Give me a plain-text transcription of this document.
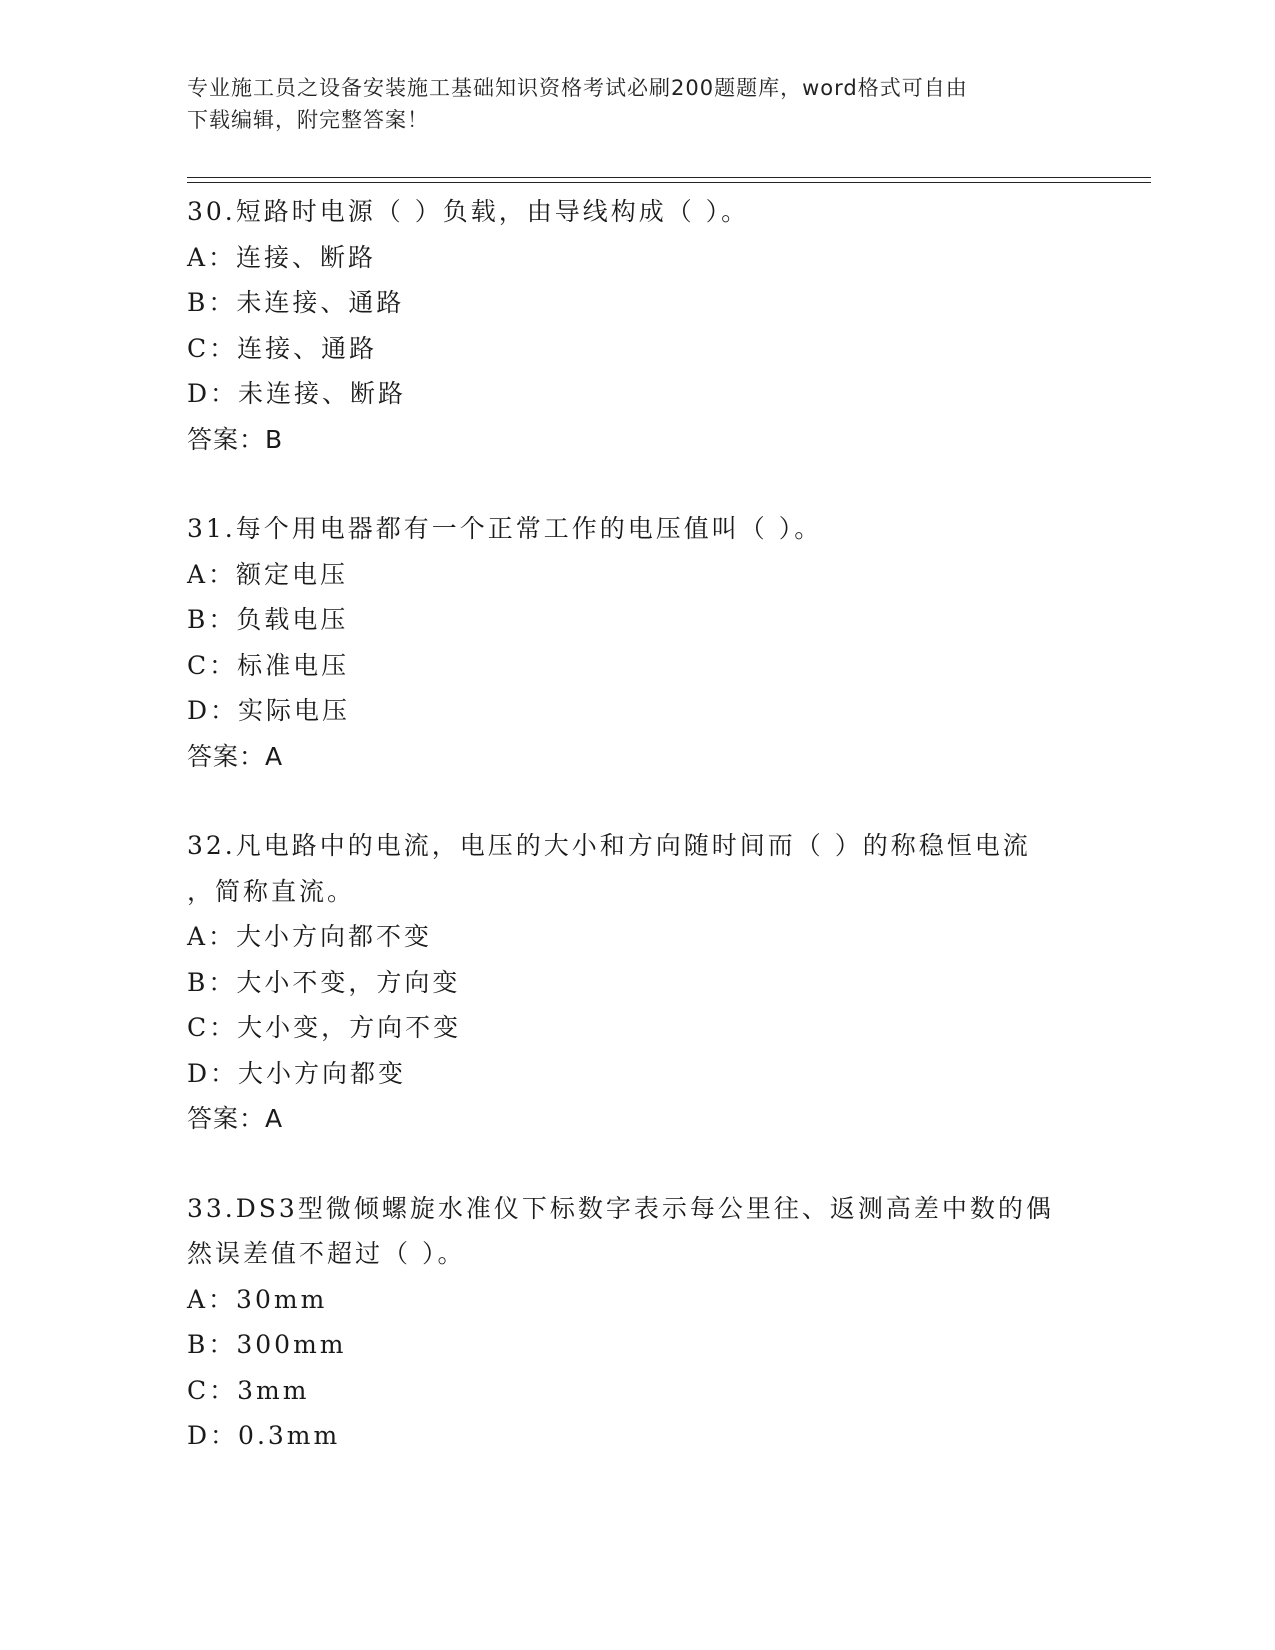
专业施工员之设备安装施工基础知识资格考试必刷200题题库，word格式可自由
下载编辑，附完整答案！
30.短路时电源（ ）负载，由导线构成（ ）。
A：连接、断路
B：未连接、通路
C：连接、通路
D：未连接、断路
答案：B
31.每个用电器都有一个正常工作的电压值叫（ ）。
A：额定电压
B：负载电压
C：标准电压
D：实际电压
答案：A
32.凡电路中的电流，电压的大小和方向随时间而（ ）的称稳恒电流
，简称直流。
A：大小方向都不变
B：大小不变，方向变
C：大小变，方向不变
D：大小方向都变
答案：A
33.DS3型微倾螺旋水准仪下标数字表示每公里往、返测高差中数的偶
然误差值不超过（ ）。
A：30mm
B：300mm
C：3mm
D：0.3mm
